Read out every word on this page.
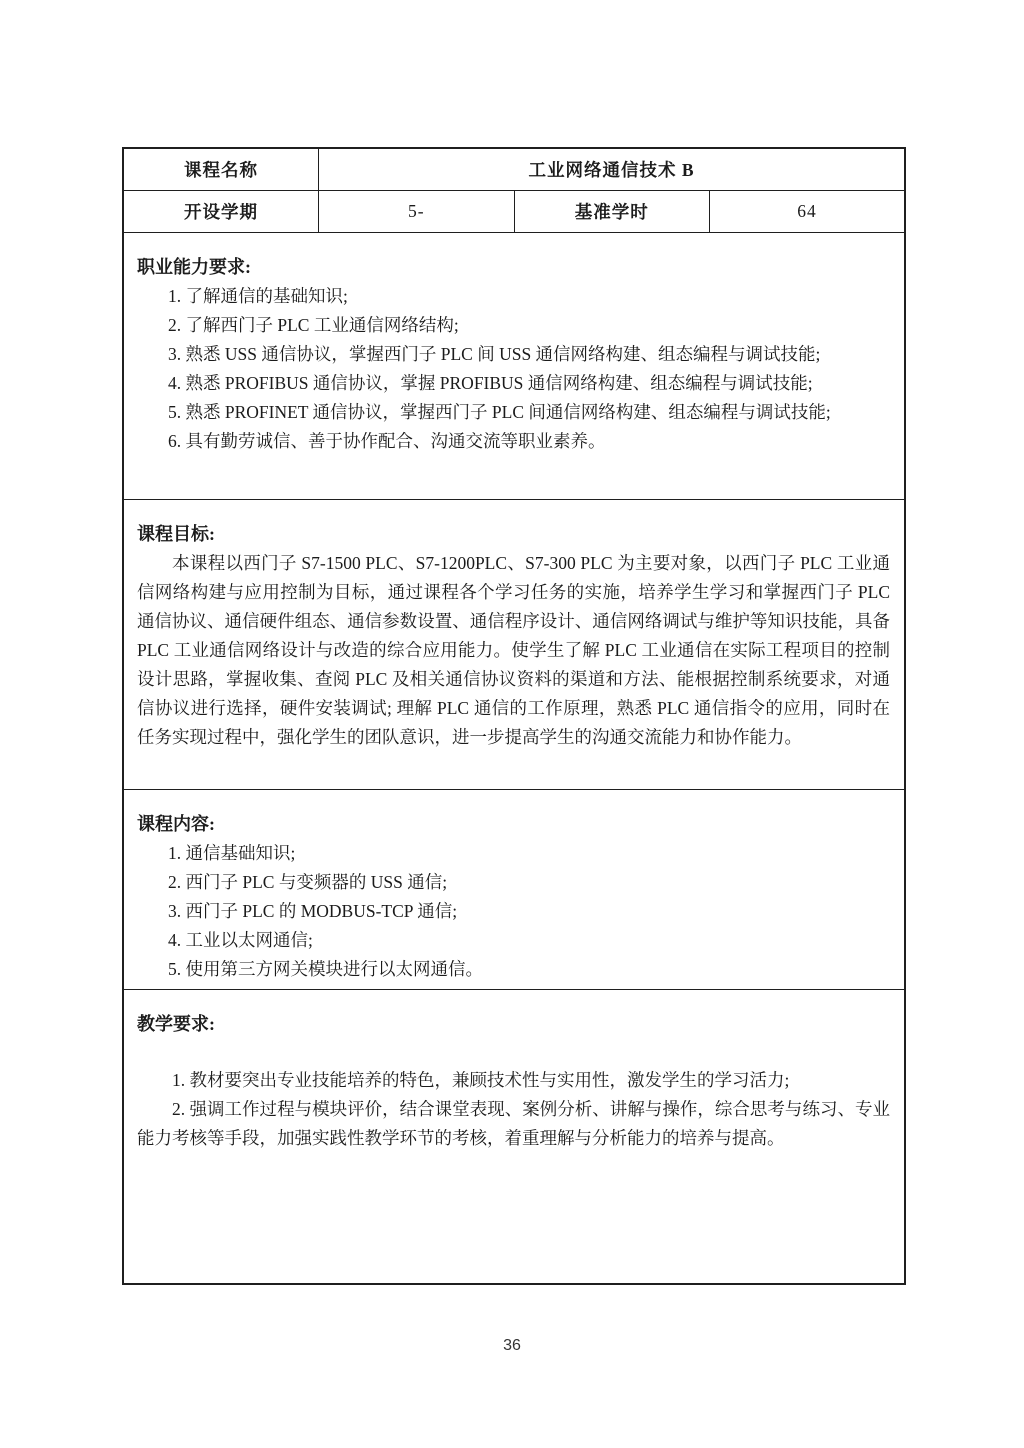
课程名称	工业网络通信技术 B		
开设学期	5-	基准学时	64

职业能力要求:
1. 了解通信的基础知识;
2. 了解西门子 PLC 工业通信网络结构;
3. 熟悉 USS 通信协议，掌握西门子 PLC 间 USS 通信网络构建、组态编程与调试技能;
4. 熟悉 PROFIBUS 通信协议，掌握 PROFIBUS 通信网络构建、组态编程与调试技能;
5. 熟悉 PROFINET 通信协议，掌握西门子 PLC 间通信网络构建、组态编程与调试技能;
6. 具有勤劳诚信、善于协作配合、沟通交流等职业素养。

课程目标:

本课程以西门子 S7-1500 PLC、S7-1200PLC、S7-300 PLC 为主要对象，以西门子 PLC 工业通信网络构建与应用控制为目标，通过课程各个学习任务的实施，培养学生学习和掌握西门子 PLC 通信协议、通信硬件组态、通信参数设置、通信程序设计、通信网络调试与维护等知识技能，具备 PLC 工业通信网络设计与改造的综合应用能力。使学生了解 PLC 工业通信在实际工程项目的控制设计思路，掌握收集、查阅 PLC 及相关通信协议资料的渠道和方法、能根据控制系统要求，对通信协议进行选择，硬件安装调试; 理解 PLC 通信的工作原理，熟悉 PLC 通信指令的应用，同时在任务实现过程中，强化学生的团队意识，进一步提高学生的沟通交流能力和协作能力。			

课程内容:
1. 通信基础知识;
2. 西门子 PLC 与变频器的 USS 通信;
3. 西门子 PLC 的 MODBUS-TCP 通信;
4. 工业以太网通信;
5. 使用第三方网关模块进行以太网通信。

教学要求:

1. 教材要突出专业技能培养的特色，兼顾技术性与实用性，激发学生的学习活力;

2. 强调工作过程与模块评价，结合课堂表现、案例分析、讲解与操作，综合思考与练习、专业能力考核等手段，加强实践性教学环节的考核，着重理解与分析能力的培养与提高。			

36
